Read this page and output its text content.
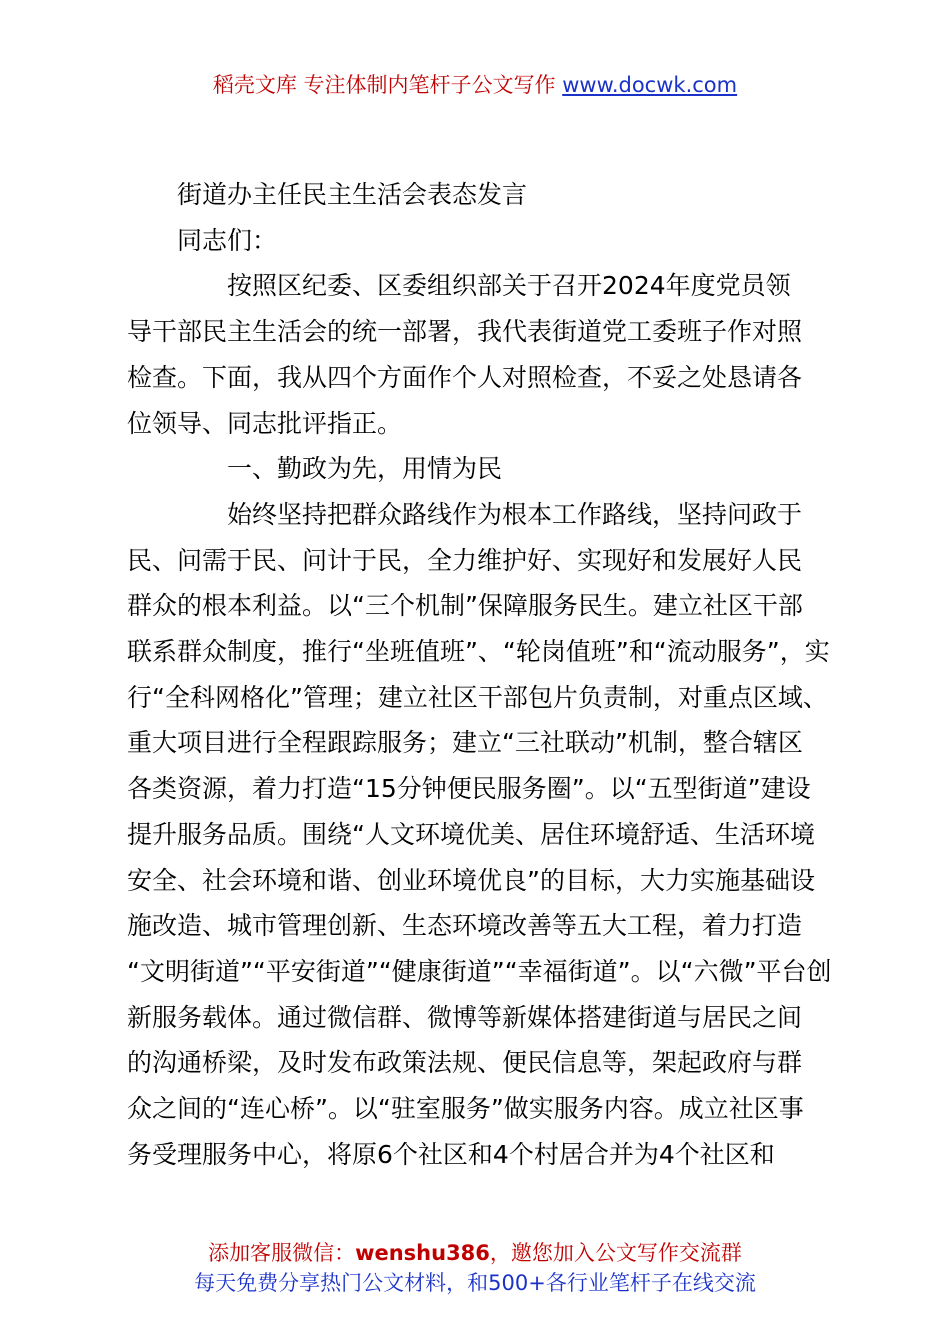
稻壳文库 专注体制内笔杆子公文写作 www.docwk.com

街道办主任民主生活会表态发言

同志们：

按照区纪委、区委组织部关于召开2024年度党员领

导干部民主生活会的统一部署，我代表街道党工委班子作对照

检查。下面，我从四个方面作个人对照检查，不妥之处恳请各

位领导、同志批评指正。

一、勤政为先，用情为民

始终坚持把群众路线作为根本工作路线，坚持问政于

民、问需于民、问计于民，全力维护好、实现好和发展好人民

群众的根本利益。以“三个机制”保障服务民生。建立社区干部

联系群众制度，推行“坐班值班”、“轮岗值班”和“流动服务”，实

行“全科网格化”管理；建立社区干部包片负责制，对重点区域、

重大项目进行全程跟踪服务；建立“三社联动”机制，整合辖区

各类资源，着力打造“15分钟便民服务圈”。以“五型街道”建设

提升服务品质。围绕“人文环境优美、居住环境舒适、生活环境

安全、社会环境和谐、创业环境优良”的目标，大力实施基础设

施改造、城市管理创新、生态环境改善等五大工程，着力打造

“文明街道”“平安街道”“健康街道”“幸福街道”。以“六微”平台创

新服务载体。通过微信群、微博等新媒体搭建街道与居民之间

的沟通桥梁，及时发布政策法规、便民信息等，架起政府与群

众之间的“连心桥”。以“驻室服务”做实服务内容。成立社区事

务受理服务中心，将原6个社区和4个村居合并为4个社区和

添加客服微信：wenshu386，邀您加入公文写作交流群
每天免费分享热门公文材料，和500+各行业笔杆子在线交流
